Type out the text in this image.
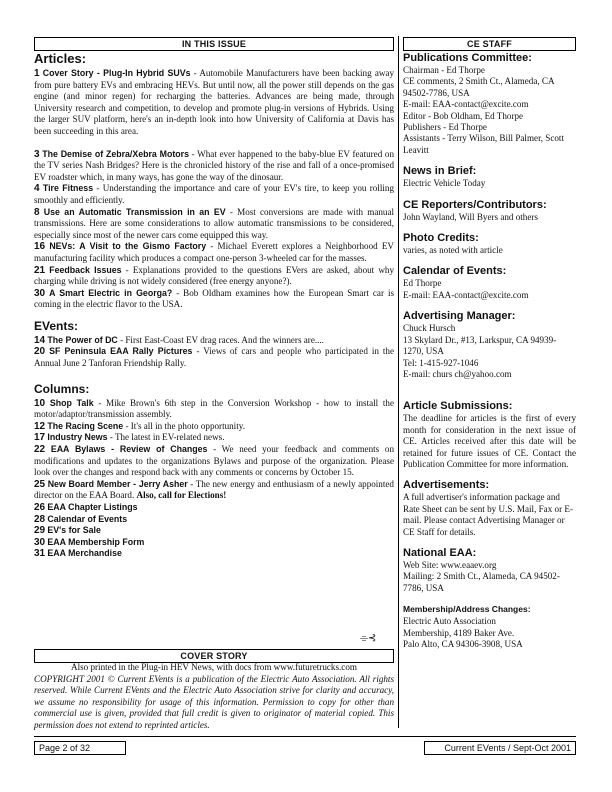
IN THIS ISSUE	CE STAFF
Articles:

1 Cover Story - Plug-In Hybrid SUVs - Automobile Manufacturers have been backing away from pure battery EVs and embracing HEVs. But until now, all the power still depends on the gas engine (and minor regen) for recharging the batteries. Advances are being made, through University research and competition, to develop and promote plug-in versions of Hybrids. Using the larger SUV platform, here's an in-depth look into how University of California at Davis has been succeeding in this area.

3 The Demise of Zebra/Xebra Motors - What ever happened to the baby-blue EV featured on the TV series Nash Bridges? Here is the chronicled history of the rise and fall of a once-promised EV roadster which, in many ways, has gone the way of the dinosaur.

4 Tire Fitness - Understanding the importance and care of your EV's tire, to keep you rolling smoothly and efficiently.

8 Use an Automatic Transmission in an EV - Most conversions are made with manual transmissions. Here are some considerations to allow automatic transmissions to be considered, especially since most of the newer cars come equipped this way.

16 NEVs: A Visit to the Gismo Factory - Michael Everett explores a Neighborhood EV manufacturing facility which produces a compact one-person 3-wheeled car for the masses.

21 Feedback Issues - Explanations provided to the questions EVers are asked, about why charging while driving is not widely considered (free energy anyone?).

30 A Smart Electric in Georga? - Bob Oldham examines how the European Smart car is coming in the electric flavor to the USA.

EVents:

14 The Power of DC - First East-Coast EV drag races. And the winners are....

20 SF Peninsula EAA Rally Pictures - Views of cars and people who participated in the Annual June 2 Tanforan Friendship Rally.

Columns:

10 Shop Talk - Mike Brown's 6th step in the Conversion Workshop - how to install the motor/adaptor/transmission assembly.

12 The Racing Scene - It's all in the photo opportunity.

17 Industry News - The latest in EV-related news.

22 EAA Bylaws - Review of Changes - We need your feedback and comments on modifications and updates to the organizations Bylaws and purpose of the organization. Please look over the changes and respond back with any comments or concerns by October 15.

25 New Board Member - Jerry Asher - The new energy and enthusiasm of a newly appointed director on the EAA Board. Also, call for Elections!

26 EAA Chapter Listings

28 Calendar of Events

29 EV's for Sale

30 EAA Membership Form

31 EAA Merchandise

⌯⊰
COVER STORY

Also printed in the Plug-in HEV News, with docs from www.futuretrucks.com

COPYRIGHT 2001 © Current EVents is a publication of the Electric Auto Association. All rights reserved. While Current EVents and the Electric Auto Association strive for clarity and accuracy, we assume no responsibility for usage of this information. Permission to copy for other than commercial use is given, provided that full credit is given to originator of material copied. This permission does not extend to reprinted articles.

Publications Committee:

Chairman - Ed Thorpe

CE comments, 2 Smith Ct., Alameda, CA 94502-7786, USA

E-mail: EAA-contact@excite.com

Editor - Bob Oldham, Ed Thorpe

Publishers - Ed Thorpe

Assistants - Terry Wilson, Bill Palmer, Scott Leavitt

News in Brief:

Electric Vehicle Today

CE Reporters/Contributors:

John Wayland, Will Byers and others

Photo Credits:

varies, as noted with article

Calendar of Events:

Ed Thorpe

E-mail: EAA-contact@excite.com

Advertising Manager:

Chuck Hursch

13 Skylard Dr., #13, Larkspur, CA 94939-1270, USA

Tel: 1-415-927-1046

E-mail: churs ch@yahoo.com

Article Submissions:

The deadline for articles is the first of every month for consideration in the next issue of CE. Articles received after this date will be retained for future issues of CE. Contact the Publication Committee for more information.

Advertisements:

A full advertiser's information package and Rate Sheet can be sent by U.S. Mail, Fax or E-mail. Please contact Advertising Manager or CE Staff for details.

National EAA:

Web Site: www.eaaev.org

Mailing: 2 Smith Ct., Alameda, CA 94502-7786, USA

Membership/Address Changes:

Electric Auto Association

Membership, 4189 Baker Ave.

Palo Alto, CA 94306-3908, USA

Page 2 of 32	Current EVents / Sept-Oct 2001
